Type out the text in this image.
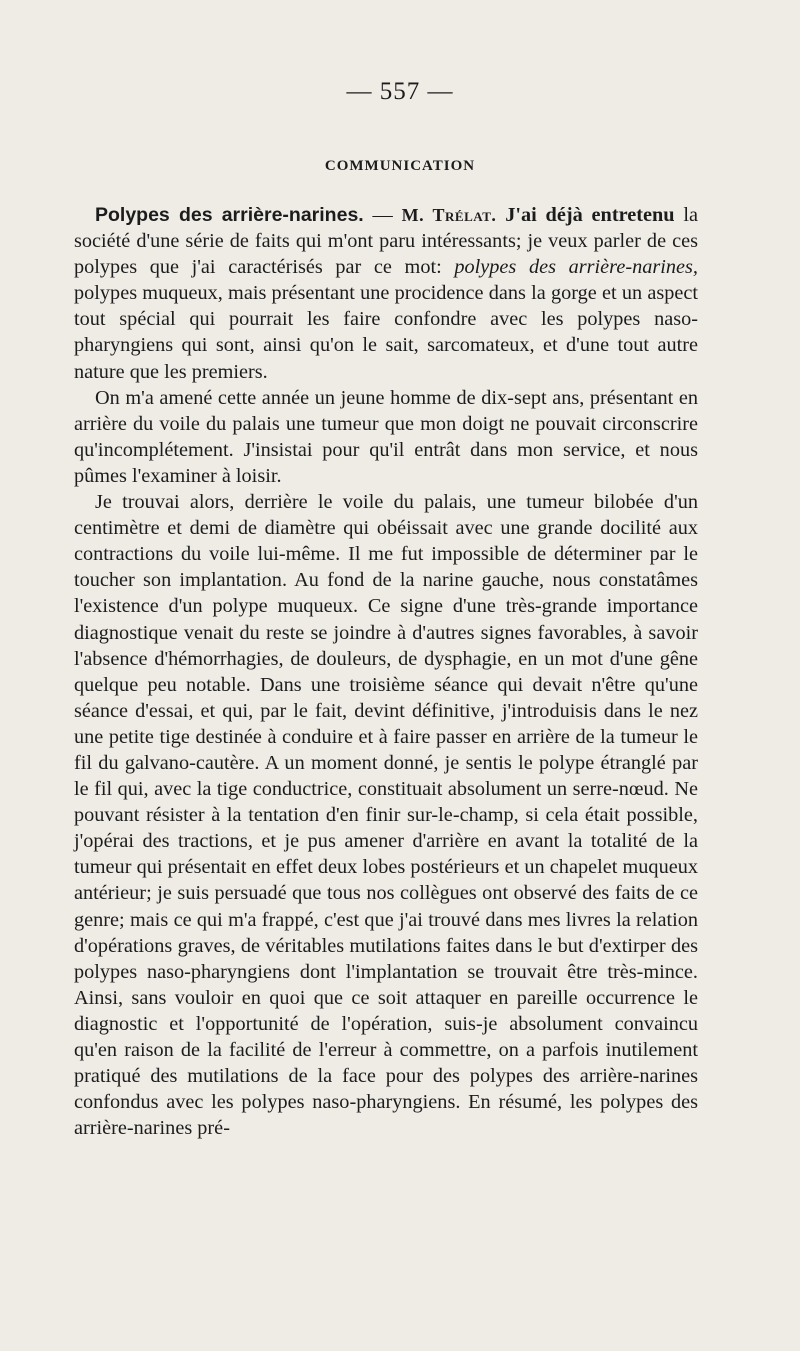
— 557 —
COMMUNICATION

Polypes des arrière-narines. — M. Trélat. J'ai déjà entretenu la société d'une série de faits qui m'ont paru intéressants; je veux parler de ces polypes que j'ai caractérisés par ce mot: polypes des arrière-narines, polypes muqueux, mais présentant une procidence dans la gorge et un aspect tout spécial qui pourrait les faire confondre avec les polypes naso-pharyngiens qui sont, ainsi qu'on le sait, sarcomateux, et d'une tout autre nature que les premiers.

On m'a amené cette année un jeune homme de dix-sept ans, présentant en arrière du voile du palais une tumeur que mon doigt ne pouvait circonscrire qu'incomplétement. J'insistai pour qu'il entrât dans mon service, et nous pûmes l'examiner à loisir.

Je trouvai alors, derrière le voile du palais, une tumeur bilobée d'un centimètre et demi de diamètre qui obéissait avec une grande docilité aux contractions du voile lui-même. Il me fut impossible de déterminer par le toucher son implantation. Au fond de la narine gauche, nous constatâmes l'existence d'un polype muqueux. Ce signe d'une très-grande importance diagnostique venait du reste se joindre à d'autres signes favorables, à savoir l'absence d'hémorrhagies, de douleurs, de dysphagie, en un mot d'une gêne quelque peu notable. Dans une troisième séance qui devait n'être qu'une séance d'essai, et qui, par le fait, devint définitive, j'introduisis dans le nez une petite tige destinée à conduire et à faire passer en arrière de la tumeur le fil du galvano-cautère. A un moment donné, je sentis le polype étranglé par le fil qui, avec la tige conductrice, constituait absolument un serre-nœud. Ne pouvant résister à la tentation d'en finir sur-le-champ, si cela était possible, j'opérai des tractions, et je pus amener d'arrière en avant la totalité de la tumeur qui présentait en effet deux lobes postérieurs et un chapelet muqueux antérieur; je suis persuadé que tous nos collègues ont observé des faits de ce genre; mais ce qui m'a frappé, c'est que j'ai trouvé dans mes livres la relation d'opérations graves, de véritables mutilations faites dans le but d'extirper des polypes naso-pharyngiens dont l'implantation se trouvait être très-mince. Ainsi, sans vouloir en quoi que ce soit attaquer en pareille occurrence le diagnostic et l'opportunité de l'opération, suis-je absolument convaincu qu'en raison de la facilité de l'erreur à commettre, on a parfois inutilement pratiqué des mutilations de la face pour des polypes des arrière-narines confondus avec les polypes naso-pharyngiens. En résumé, les polypes des arrière-narines pré-
